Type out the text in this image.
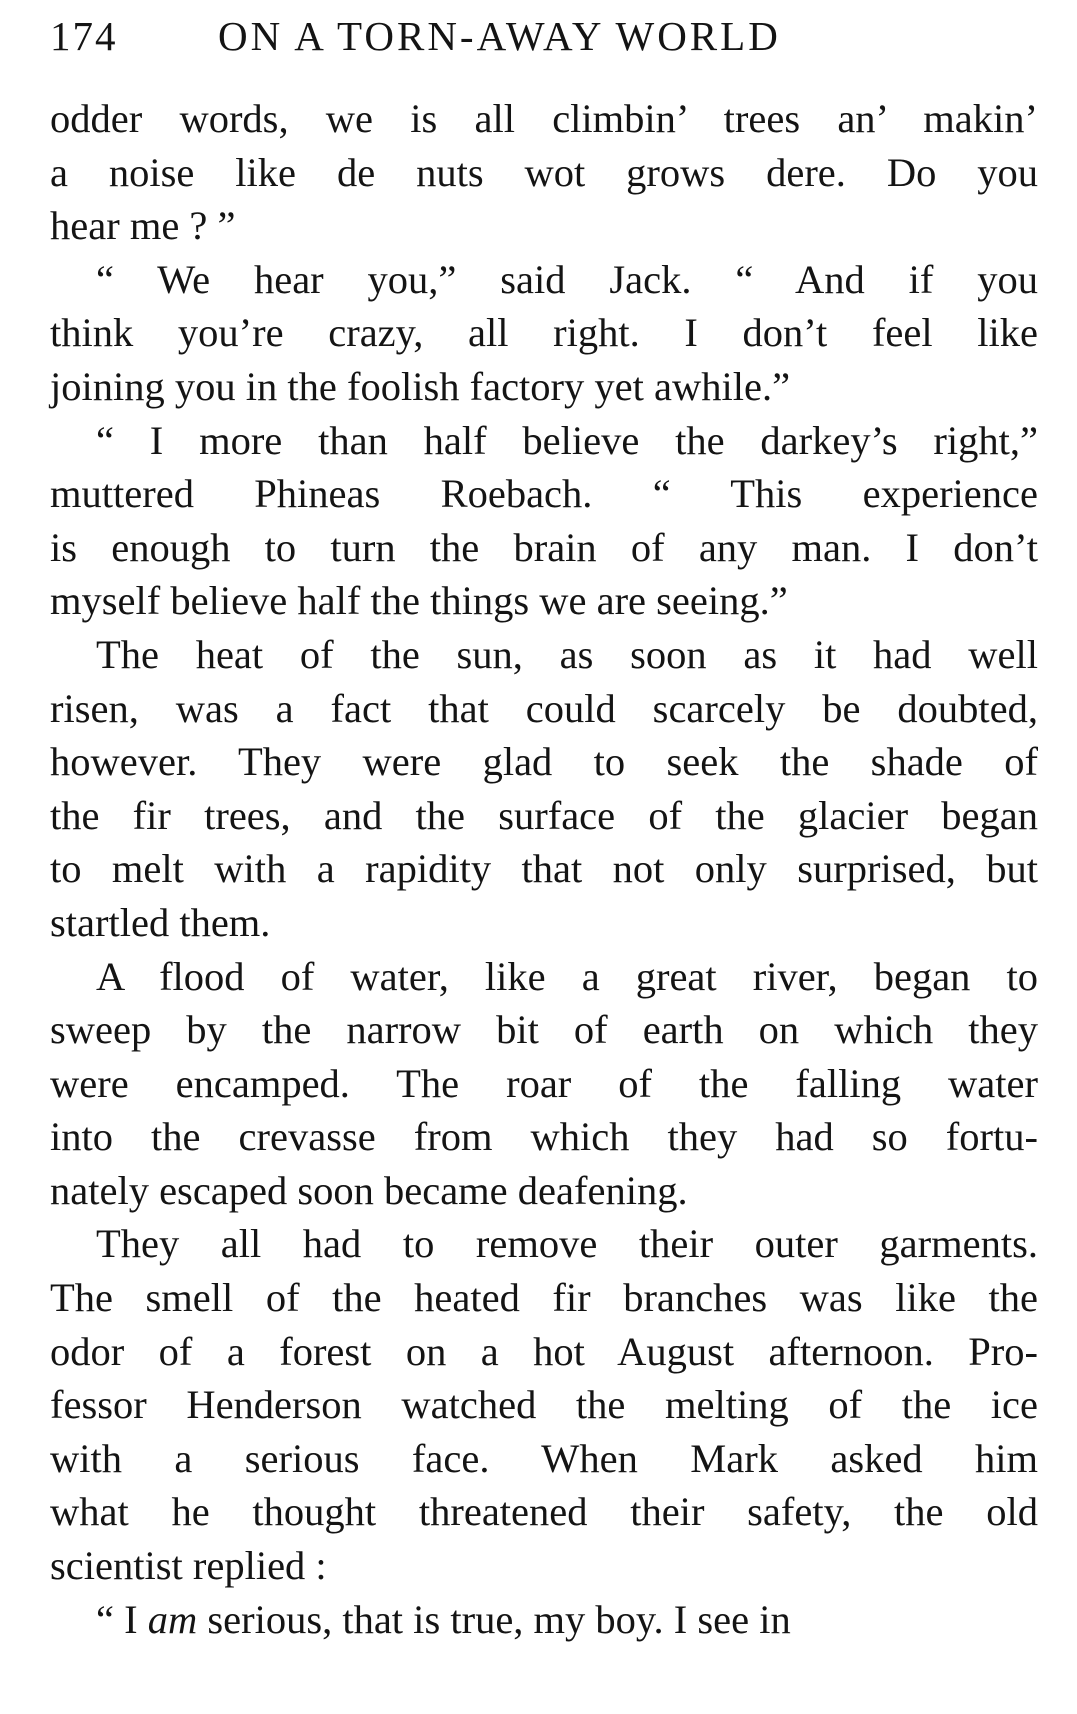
174 ON A TORN-AWAY WORLD
odder words, we is all climbin’ trees an’ makin’
a noise like de nuts wot grows dere. Do you
hear me ? ”
“ We hear you,” said Jack. “ And if you
think you’re crazy, all right. I don’t feel like
joining you in the foolish factory yet awhile.”
“ I more than half believe the darkey’s right,”
muttered Phineas Roebach. “ This experience
is enough to turn the brain of any man. I don’t
myself believe half the things we are seeing.”
The heat of the sun, as soon as it had well
risen, was a fact that could scarcely be doubted,
however. They were glad to seek the shade of
the fir trees, and the surface of the glacier began
to melt with a rapidity that not only surprised, but
startled them.
A flood of water, like a great river, began to
sweep by the narrow bit of earth on which they
were encamped. The roar of the falling water
into the crevasse from which they had so fortu-
nately escaped soon became deafening.
They all had to remove their outer garments.
The smell of the heated fir branches was like the
odor of a forest on a hot August afternoon. Pro-
fessor Henderson watched the melting of the ice
with a serious face. When Mark asked him
what he thought threatened their safety, the old
scientist replied :
“ I am serious, that is true, my boy. I see in
